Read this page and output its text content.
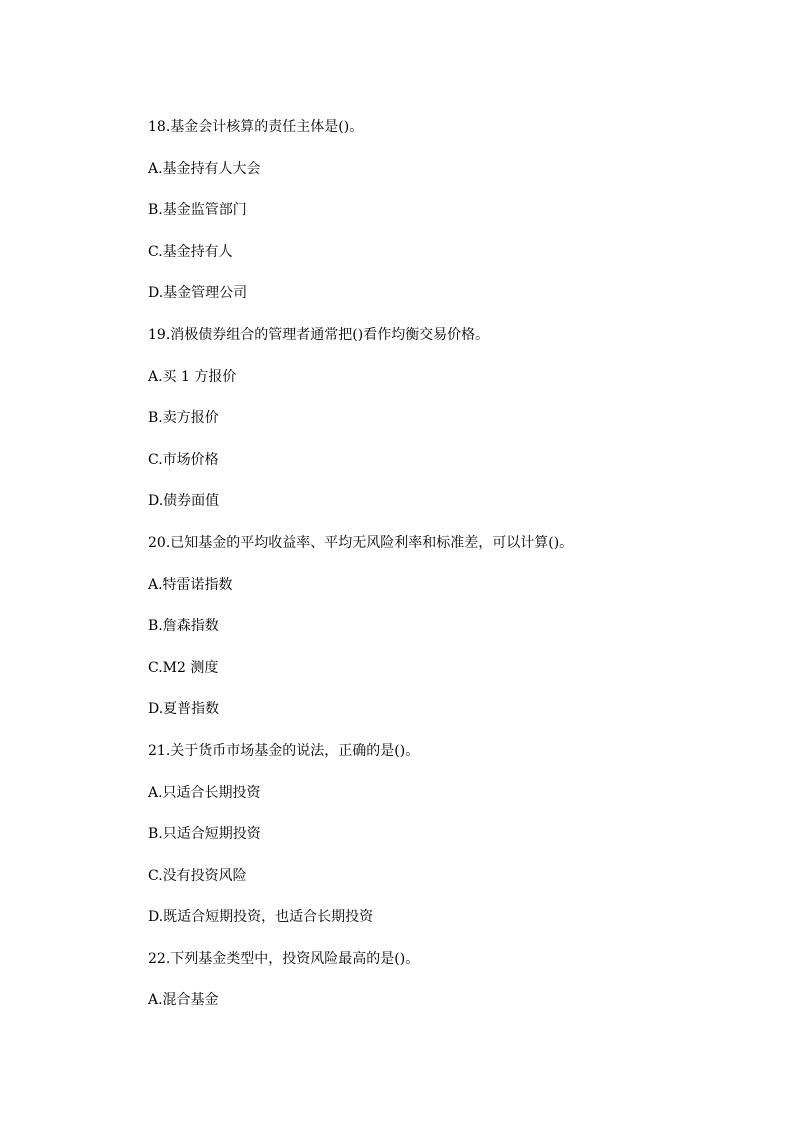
18.基金会计核算的责任主体是()。
A.基金持有人大会
B.基金监管部门
C.基金持有人
D.基金管理公司
19.消极债券组合的管理者通常把()看作均衡交易价格。
A.买 1 方报价
B.卖方报价
C.市场价格
D.债券面值
20.已知基金的平均收益率、平均无风险利率和标准差，可以计算()。
A.特雷诺指数
B.詹森指数
C.M2 测度
D.夏普指数
21.关于货币市场基金的说法，正确的是()。
A.只适合长期投资
B.只适合短期投资
C.没有投资风险
D.既适合短期投资，也适合长期投资
22.下列基金类型中，投资风险最高的是()。
A.混合基金
